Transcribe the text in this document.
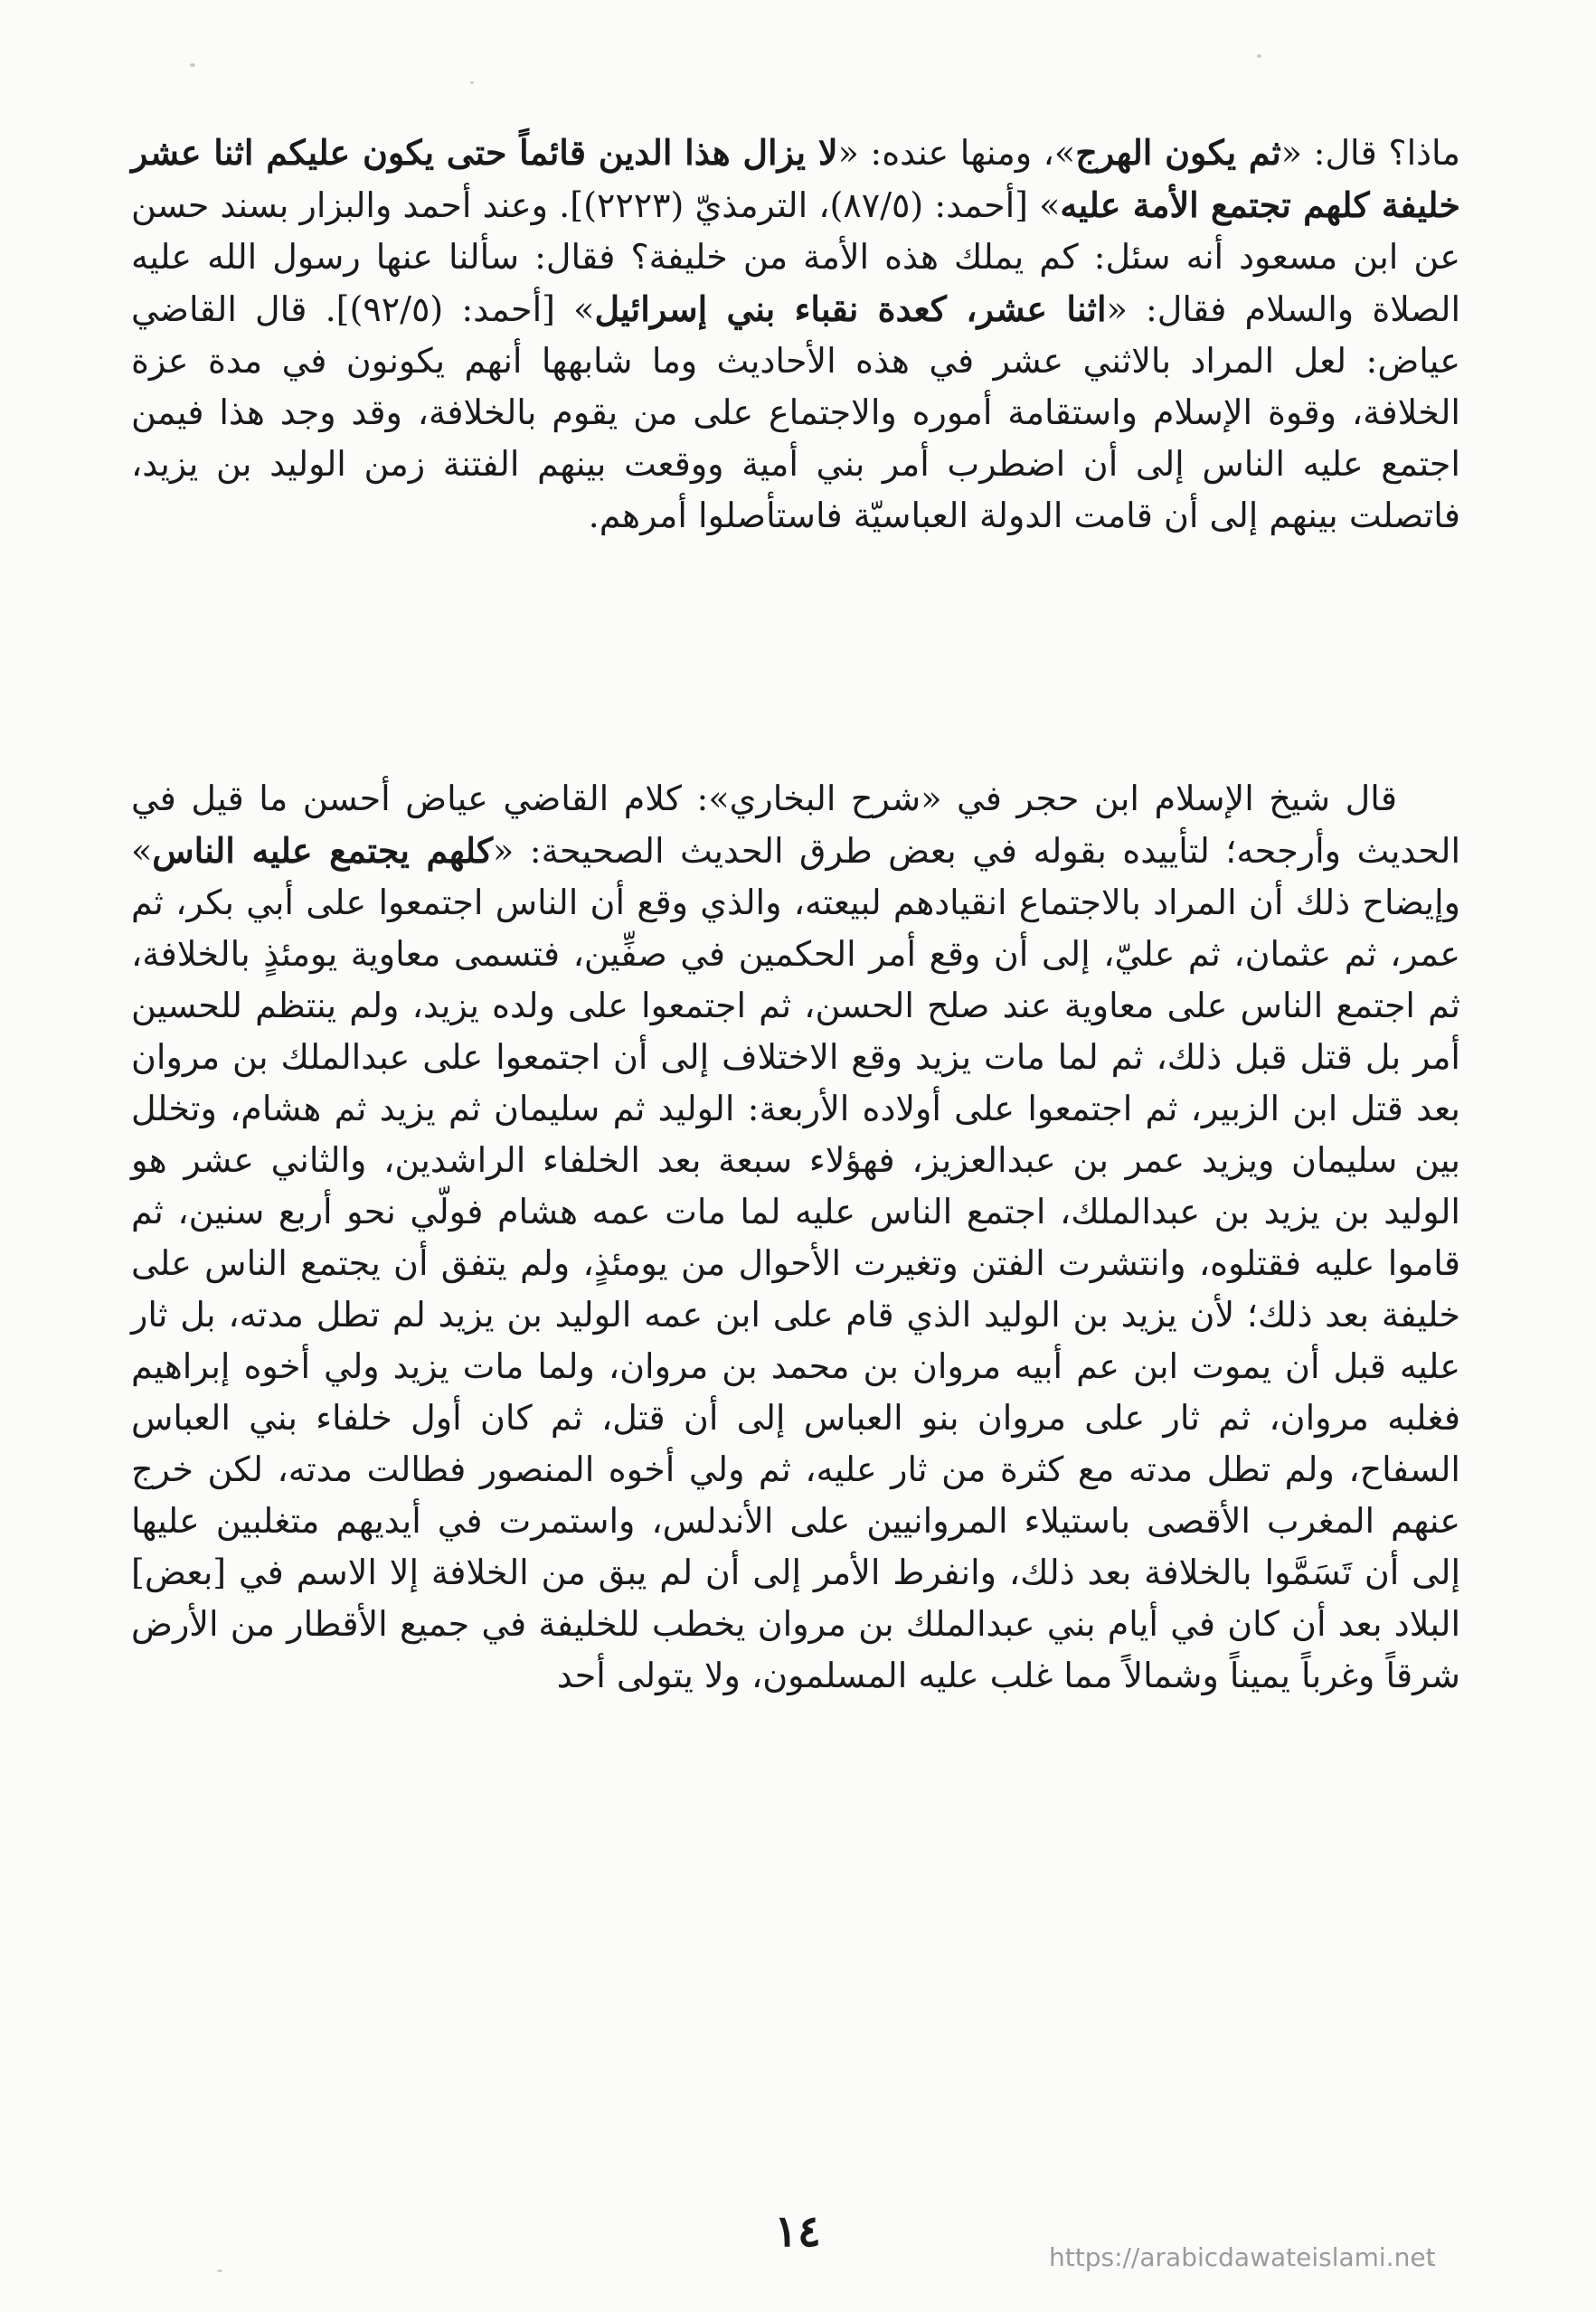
ماذا؟ قال: «ثم يكون الهرج»، ومنها عنده: «لا يزال هذا الدين قائماً حتى يكون عليكم اثنا عشر خليفة كلهم تجتمع الأمة عليه» [أحمد: (٨٧/٥)، الترمذيّ (٢٢٢٣)]. وعند أحمد والبزار بسند حسن عن ابن مسعود أنه سئل: كم يملك هذه الأمة من خليفة؟ فقال: سألنا عنها رسول الله عليه الصلاة والسلام فقال: «اثنا عشر، كعدة نقباء بني إسرائيل» [أحمد: (٩٢/٥)]. قال القاضي عياض: لعل المراد بالاثني عشر في هذه الأحاديث وما شابهها أنهم يكونون في مدة عزة الخلافة، وقوة الإسلام واستقامة أموره والاجتماع على من يقوم بالخلافة، وقد وجد هذا فيمن اجتمع عليه الناس إلى أن اضطرب أمر بني أمية ووقعت بينهم الفتنة زمن الوليد بن يزيد، فاتصلت بينهم إلى أن قامت الدولة العباسيّة فاستأصلوا أمرهم.

قال شيخ الإسلام ابن حجر في «شرح البخاري»: كلام القاضي عياض أحسن ما قيل في الحديث وأرجحه؛ لتأييده بقوله في بعض طرق الحديث الصحيحة: «كلهم يجتمع عليه الناس» وإيضاح ذلك أن المراد بالاجتماع انقيادهم لبيعته، والذي وقع أن الناس اجتمعوا على أبي بكر، ثم عمر، ثم عثمان، ثم عليّ، إلى أن وقع أمر الحكمين في صفِّين، فتسمى معاوية يومئذٍ بالخلافة، ثم اجتمع الناس على معاوية عند صلح الحسن، ثم اجتمعوا على ولده يزيد، ولم ينتظم للحسين أمر بل قتل قبل ذلك، ثم لما مات يزيد وقع الاختلاف إلى أن اجتمعوا على عبدالملك بن مروان بعد قتل ابن الزبير، ثم اجتمعوا على أولاده الأربعة: الوليد ثم سليمان ثم يزيد ثم هشام، وتخلل بين سليمان ويزيد عمر بن عبدالعزيز، فهؤلاء سبعة بعد الخلفاء الراشدين، والثاني عشر هو الوليد بن يزيد بن عبدالملك، اجتمع الناس عليه لما مات عمه هشام فولّي نحو أربع سنين، ثم قاموا عليه فقتلوه، وانتشرت الفتن وتغيرت الأحوال من يومئذٍ، ولم يتفق أن يجتمع الناس على خليفة بعد ذلك؛ لأن يزيد بن الوليد الذي قام على ابن عمه الوليد بن يزيد لم تطل مدته، بل ثار عليه قبل أن يموت ابن عم أبيه مروان بن محمد بن مروان، ولما مات يزيد ولي أخوه إبراهيم فغلبه مروان، ثم ثار على مروان بنو العباس إلى أن قتل، ثم كان أول خلفاء بني العباس السفاح، ولم تطل مدته مع كثرة من ثار عليه، ثم ولي أخوه المنصور فطالت مدته، لكن خرج عنهم المغرب الأقصى باستيلاء المروانيين على الأندلس، واستمرت في أيديهم متغلبين عليها إلى أن تَسَمَّوا بالخلافة بعد ذلك، وانفرط الأمر إلى أن لم يبق من الخلافة إلا الاسم في [بعض] البلاد بعد أن كان في أيام بني عبدالملك بن مروان يخطب للخليفة في جميع الأقطار من الأرض شرقاً وغرباً يميناً وشمالاً مما غلب عليه المسلمون، ولا يتولى أحد

١٤
https://arabicdawateislami.net
